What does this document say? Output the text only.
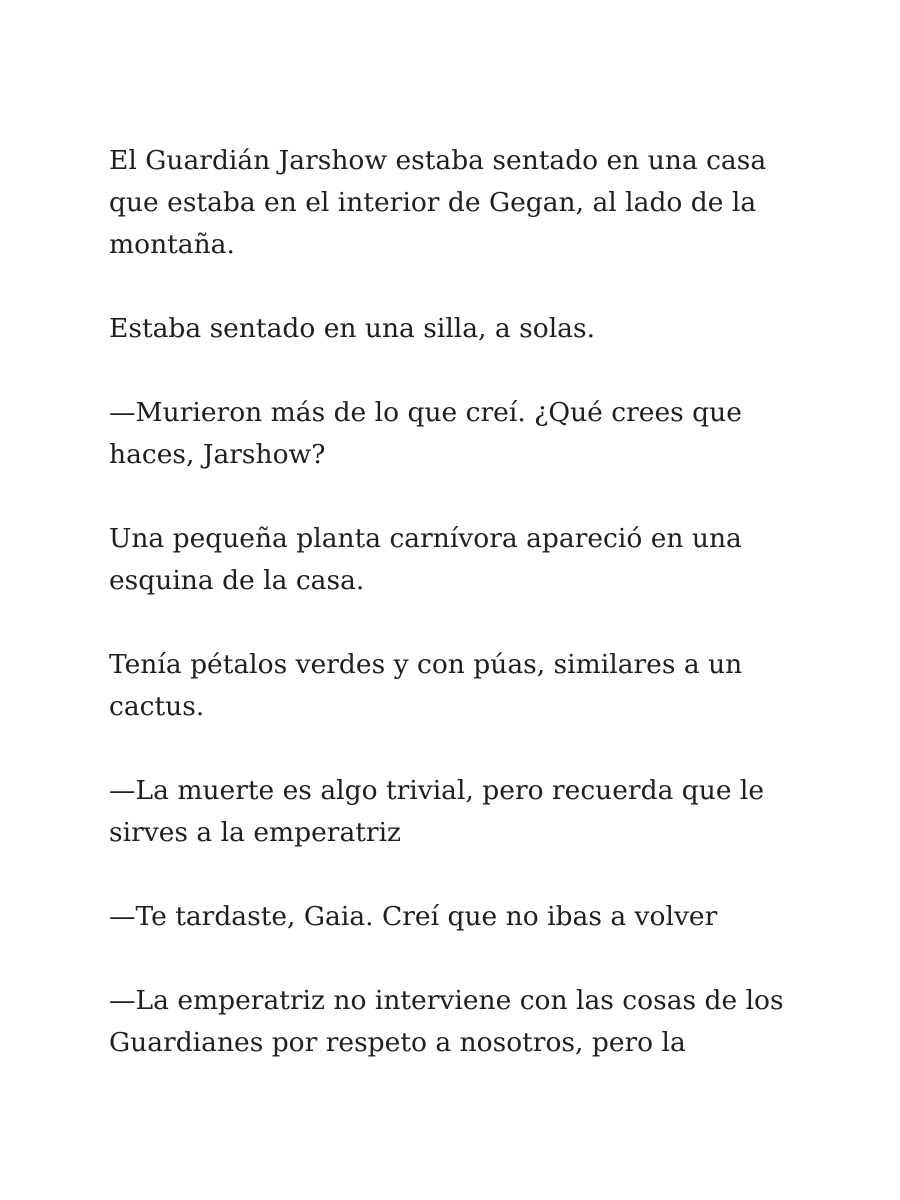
El Guardián Jarshow estaba sentado en una casa que estaba en el interior de Gegan, al lado de la montaña.

Estaba sentado en una silla, a solas.

—Murieron más de lo que creí. ¿Qué crees que haces, Jarshow?

Una pequeña planta carnívora apareció en una esquina de la casa.

Tenía pétalos verdes y con púas, similares a un cactus.

—La muerte es algo trivial, pero recuerda que le sirves a la emperatriz

—Te tardaste, Gaia. Creí que no ibas a volver

—La emperatriz no interviene con las cosas de los Guardianes por respeto a nosotros, pero la
